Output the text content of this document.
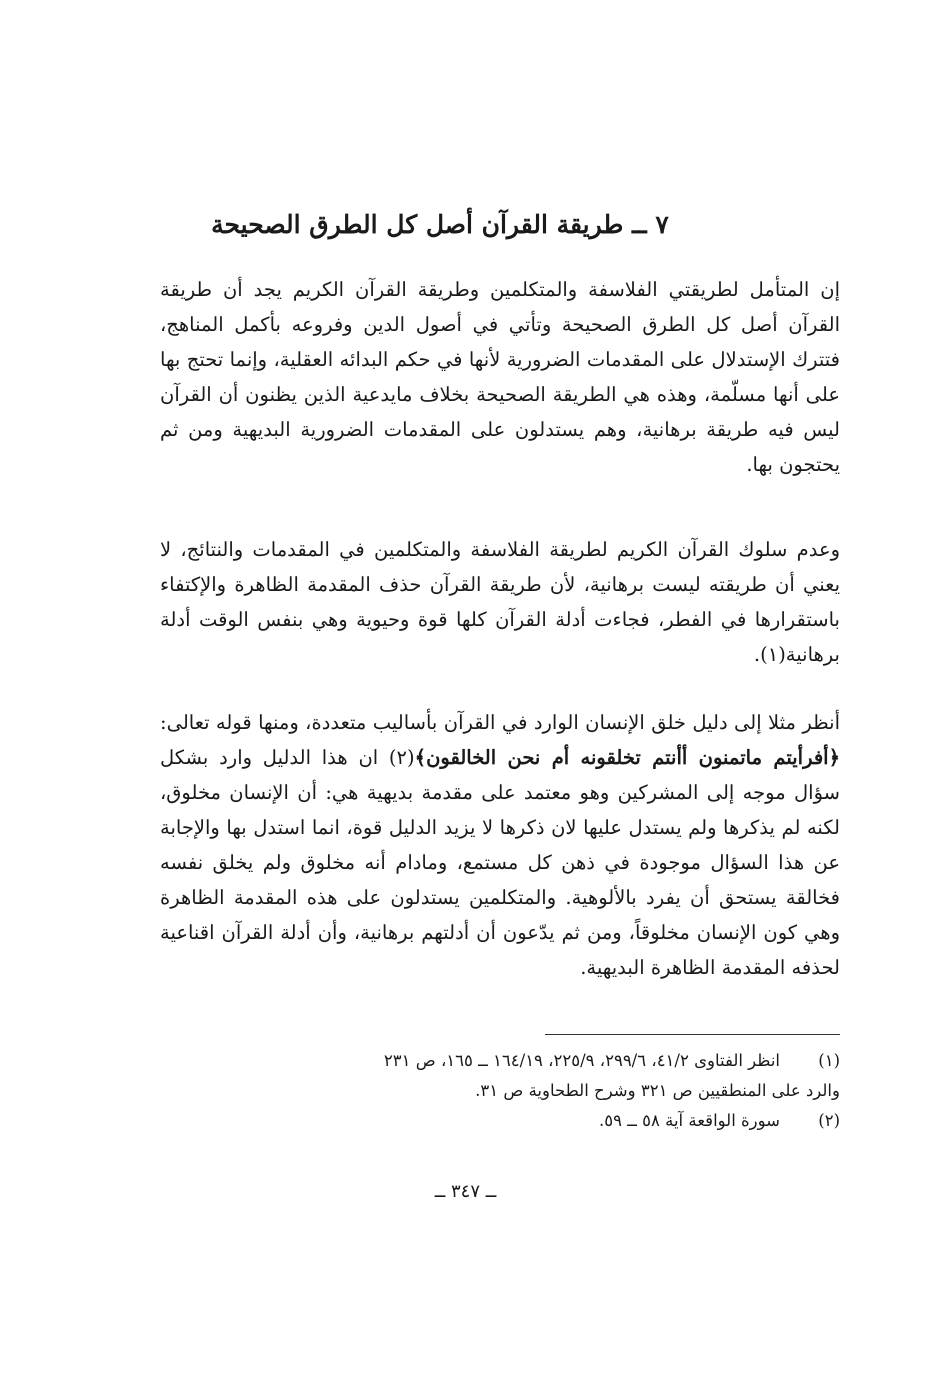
٧ ــ طريقة القرآن أصل كل الطرق الصحيحة

إن المتأمل لطريقتي الفلاسفة والمتكلمين وطريقة القرآن الكريم يجد أن طريقة القرآن أصل كل الطرق الصحيحة وتأتي في أصول الدين وفروعه بأكمل المناهج، فتترك الإستدلال على المقدمات الضرورية لأنها في حكم البدائه العقلية، وإنما تحتج بها على أنها مسلّمة، وهذه هي الطريقة الصحيحة بخلاف مايدعية الذين يظنون أن القرآن ليس فيه طريقة برهانية، وهم يستدلون على المقدمات الضرورية البديهية ومن ثم يحتجون بها.

وعدم سلوك القرآن الكريم لطريقة الفلاسفة والمتكلمين في المقدمات والنتائج، لا يعني أن طريقته ليست برهانية، لأن طريقة القرآن حذف المقدمة الظاهرة والإكتفاء باستقرارها في الفطر، فجاءت أدلة القرآن كلها قوة وحيوية وهي بنفس الوقت أدلة برهانية(١).

أنظر مثلا إلى دليل خلق الإنسان الوارد في القرآن بأساليب متعددة، ومنها قوله تعالى: ﴿أفرأيتم ماتمنون أأنتم تخلقونه أم نحن الخالقون﴾(٢) ان هذا الدليل وارد بشكل سؤال موجه إلى المشركين وهو معتمد على مقدمة بديهية هي: أن الإنسان مخلوق، لكنه لم يذكرها ولم يستدل عليها لان ذكرها لا يزيد الدليل قوة، انما استدل بها والإجابة عن هذا السؤال موجودة في ذهن كل مستمع، ومادام أنه مخلوق ولم يخلق نفسه فخالقة يستحق أن يفرد بالألوهية. والمتكلمين يستدلون على هذه المقدمة الظاهرة وهي كون الإنسان مخلوقاً، ومن ثم يدّعون أن أدلتهم برهانية، وأن أدلة القرآن اقناعية لحذفه المقدمة الظاهرة البديهية.

(١)
انظر الفتاوى ٤١/٢، ٢٩٩/٦، ٢٢٥/٩، ١٦٤/١٩ ــ ١٦٥، ص ٢٣١
والرد على المنطقيين ص ٣٢١ وشرح الطحاوية ص ٣١.
(٢)
سورة الواقعة آية ٥٨ ــ ٥٩.
ــ ٣٤٧ ــ
